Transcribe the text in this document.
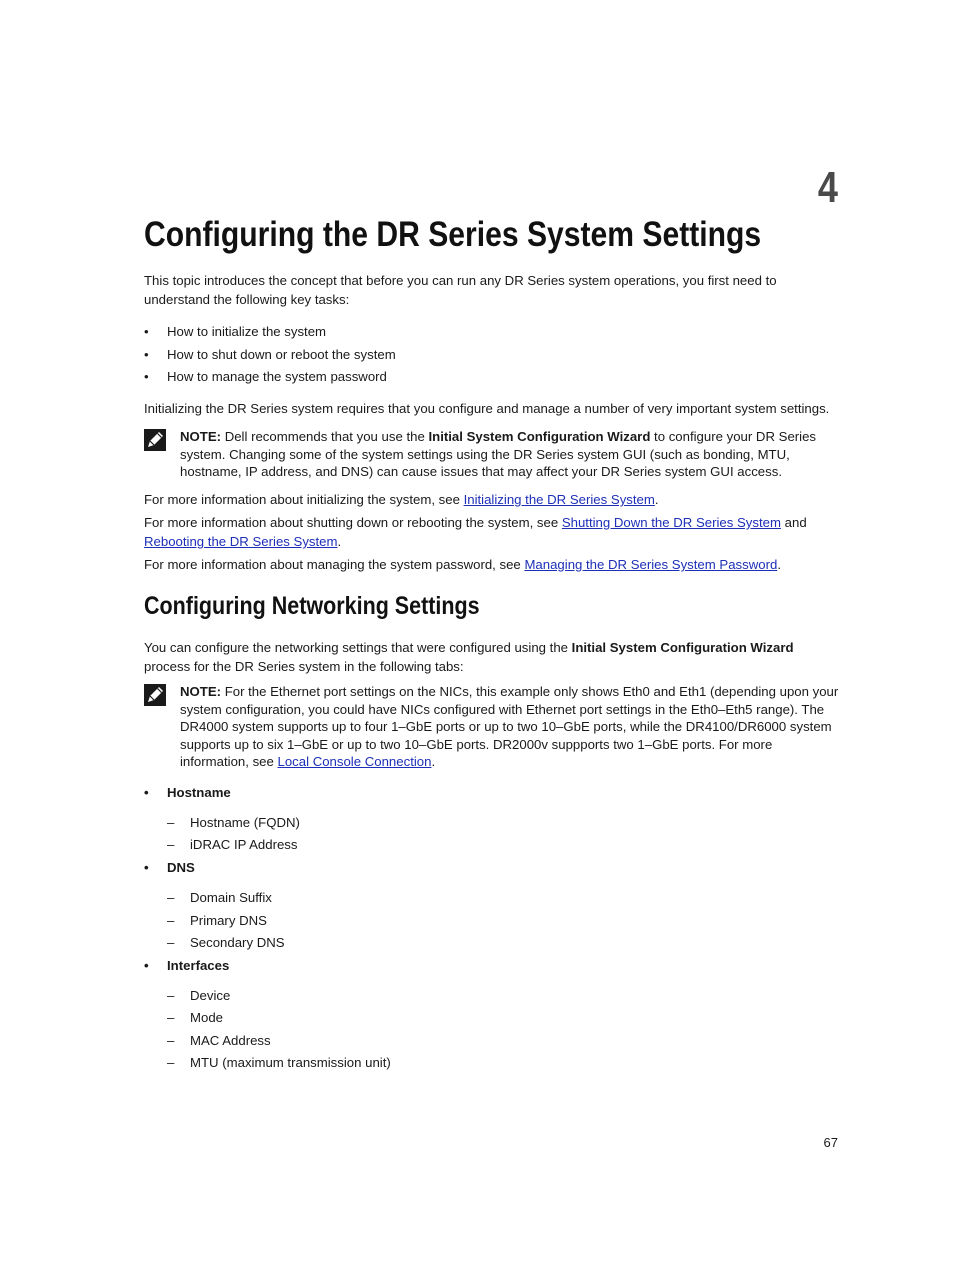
4
Configuring the DR Series System Settings

This topic introduces the concept that before you can run any DR Series system operations, you first need to understand the following key tasks:

• How to initialize the system
• How to shut down or reboot the system
• How to manage the system password

Initializing the DR Series system requires that you configure and manage a number of very important system settings.

NOTE: Dell recommends that you use the Initial System Configuration Wizard to configure your DR Series system. Changing some of the system settings using the DR Series system GUI (such as bonding, MTU, hostname, IP address, and DNS) can cause issues that may affect your DR Series system GUI access.

For more information about initializing the system, see Initializing the DR Series System.

For more information about shutting down or rebooting the system, see Shutting Down the DR Series System and
Rebooting the DR Series System.

For more information about managing the system password, see Managing the DR Series System Password.

Configuring Networking Settings

You can configure the networking settings that were configured using the Initial System Configuration Wizard process for the DR Series system in the following tabs:

NOTE: For the Ethernet port settings on the NICs, this example only shows Eth0 and Eth1 (depending upon your system configuration, you could have NICs configured with Ethernet port settings in the Eth0–Eth5 range). The DR4000 system supports up to four 1–GbE ports or up to two 10–GbE ports, while the DR4100/DR6000 system supports up to six 1–GbE or up to two 10–GbE ports. DR2000v suppports two 1–GbE ports. For more information, see Local Console Connection.

• Hostname
– Hostname (FQDN)
– iDRAC IP Address
• DNS
– Domain Suffix
– Primary DNS
– Secondary DNS
• Interfaces
– Device
– Mode
– MAC Address
– MTU (maximum transmission unit)
67
